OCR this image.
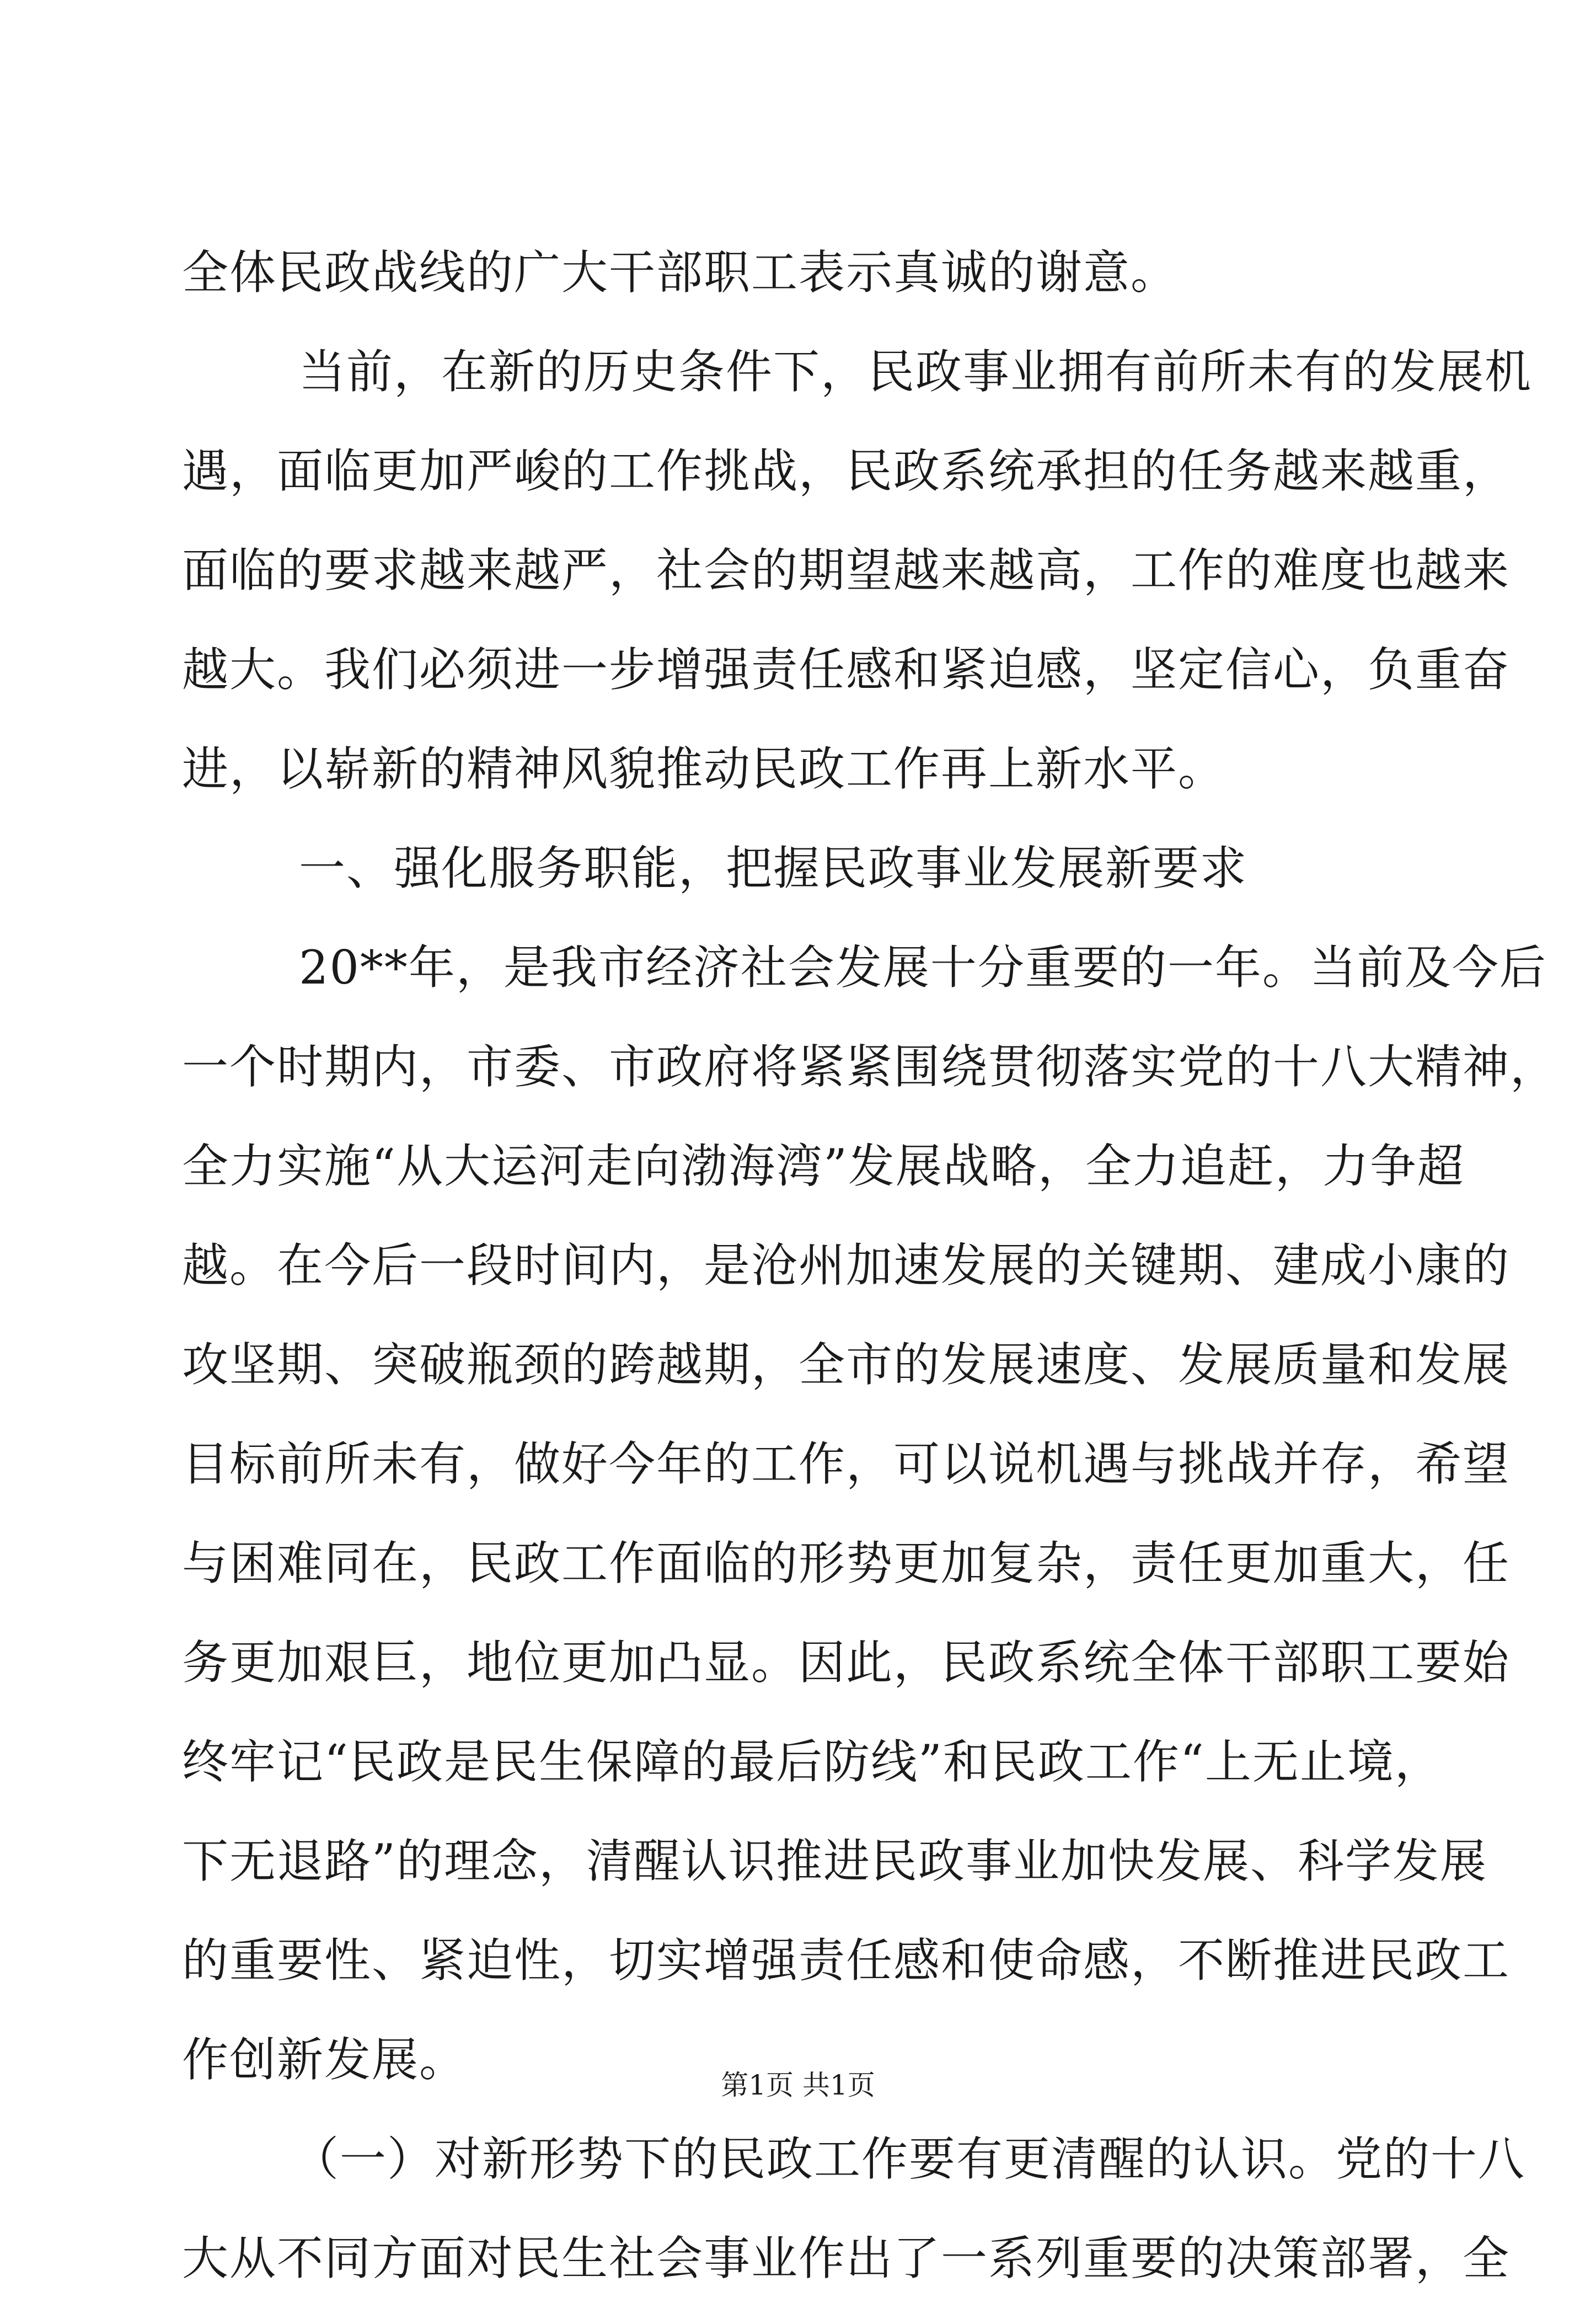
全体民政战线的广大干部职工表示真诚的谢意。
当前，在新的历史条件下，民政事业拥有前所未有的发展机
遇，面临更加严峻的工作挑战，民政系统承担的任务越来越重，
面临的要求越来越严，社会的期望越来越高，工作的难度也越来
越大。我们必须进一步增强责任感和紧迫感，坚定信心，负重奋
进，以崭新的精神风貌推动民政工作再上新水平。
一、强化服务职能，把握民政事业发展新要求
20**年，是我市经济社会发展十分重要的一年。当前及今后
一个时期内，市委、市政府将紧紧围绕贯彻落实党的十八大精神，
全力实施“从大运河走向渤海湾”发展战略，全力追赶，力争超
越。在今后一段时间内，是沧州加速发展的关键期、建成小康的
攻坚期、突破瓶颈的跨越期，全市的发展速度、发展质量和发展
目标前所未有，做好今年的工作，可以说机遇与挑战并存，希望
与困难同在，民政工作面临的形势更加复杂，责任更加重大，任
务更加艰巨，地位更加凸显。因此，民政系统全体干部职工要始
终牢记“民政是民生保障的最后防线”和民政工作“上无止境，
下无退路”的理念，清醒认识推进民政事业加快发展、科学发展
的重要性、紧迫性，切实增强责任感和使命感，不断推进民政工
作创新发展。
（一）对新形势下的民政工作要有更清醒的认识。党的十八
大从不同方面对民生社会事业作出了一系列重要的决策部署，全
第1页 共1页
